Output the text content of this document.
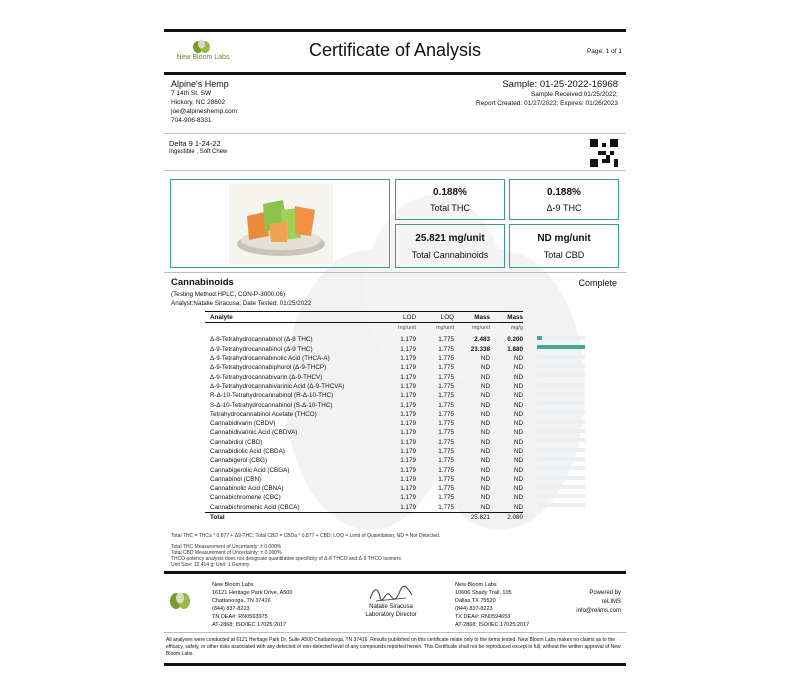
New Bloom Labs	Certificate of Analysis	Page: 1 of 1
Alpine's Hemp
7 14th St. SW
Hickory, NC 28602
joe@alpineshemp.com
704-906-8331
Sample: 01-25-2022-16968
Sample Received:01/25/2022;
Report Created: 01/27/2022; Expires: 01/26/2023
Delta 9 1-24-22
Ingestible , Soft Chew
0.188%
Total THC
0.188%
Δ-9 THC
25.821 mg/unit
Total Cannabinoids
ND mg/unit
Total CBD
Cannabinoids	Complete
(Testing Method:HPLC, CON-P-3000.06)
Analyst:Natalie Siracusa; Date Tested: 01/25/2022
Analyte	LOD	LOQ	Mass	Mass
	mg/unit	mg/unit	mg/unit	mg/g

Δ-8-Tetrahydrocannabinol (Δ-8 THC)	1.179	1.775	2.483	0.200
Δ-9-Tetrahydrocannabinol (Δ-9 THC)	1.179	1.775	23.338	1.880
Δ-9-Tetrahydrocannabinolic Acid (THCA-A)	1.179	1.775	ND	ND
Δ-9-Tetrahydrocannabiphorol (Δ-9-THCP)	1.179	1.775	ND	ND
Δ-9-Tetrahydrocannabivarin (Δ-9-THCV)	1.179	1.775	ND	ND
Δ-9-Tetrahydrocannabivarinic Acid (Δ-9-THCVA)	1.179	1.775	ND	ND
R-Δ-10-Tetrahydrocannabinol (R-Δ-10-THC)	1.179	1.775	ND	ND
S-Δ-10-Tetrahydrocannabinol (S-Δ-10-THC)	1.179	1.775	ND	ND
Tetrahydrocannabinol Acetate (THCO)	1.179	1.775	ND	ND
Cannabidivarin (CBDV)	1.179	1.775	ND	ND
Cannabidivarinic Acid (CBDVA)	1.179	1.775	ND	ND
Cannabidiol (CBD)	1.179	1.775	ND	ND
Cannabidiolic Acid (CBDA)	1.179	1.775	ND	ND
Cannabigerol (CBG)	1.179	1.775	ND	ND
Cannabigerolic Acid (CBGA)	1.179	1.775	ND	ND
Cannabinol (CBN)	1.179	1.775	ND	ND
Cannabinolic Acid (CBNA)	1.179	1.775	ND	ND
Cannabichromene (CBC)	1.179	1.775	ND	ND
Cannabichromenic Acid (CBCA)	1.179	1.775	ND	ND
Total			25.821	2.080
Total THC = THCa * 0.877 + Δ9-THC; Total CBD = CBDa * 0.877 + CBD; LOQ = Limit of Quantitation; ND = Not Detected.
Total THC Measurement of Uncertainty: ± 0.000%
Total CBD Measurement of Uncertainty: ± 0.000%
THCO potency analysis does not designate quantitative specificity of Δ-8 THCO and Δ-9 THCO isomers
Unit Size: 12.414 g; Unit: 1 Gummy
New Bloom Labs
16121 Heritage Park Drive, A500
Chattanooga, TN 37416
(844) 837-8223
TN DEA#: RN0563975
AT-2868; ISO/IEC 17025:2017
Natalie Siracusa
Laboratory Director
New Bloom Labs
10606 Shady Trail, 105
Dallas,TX 75520
(844) 837-8223
TX DEA#: RN0594653
AT-2868; ISO/IEC 17025:2017
Powered by
reLIMS
info@relims.com
All analyses were conducted at 6121 Heritage Park Dr, Suite A500 Chattanooga, TN 37416. Results published on this certificate relate only to the items tested. New Bloom Labs makes no claims as to the efficacy, safety, or other risks associated with any detected or non-detected level of any compounds reported herein. This Certificate shall not be reproduced except in full, without the written approval of New Bloom Labs.
